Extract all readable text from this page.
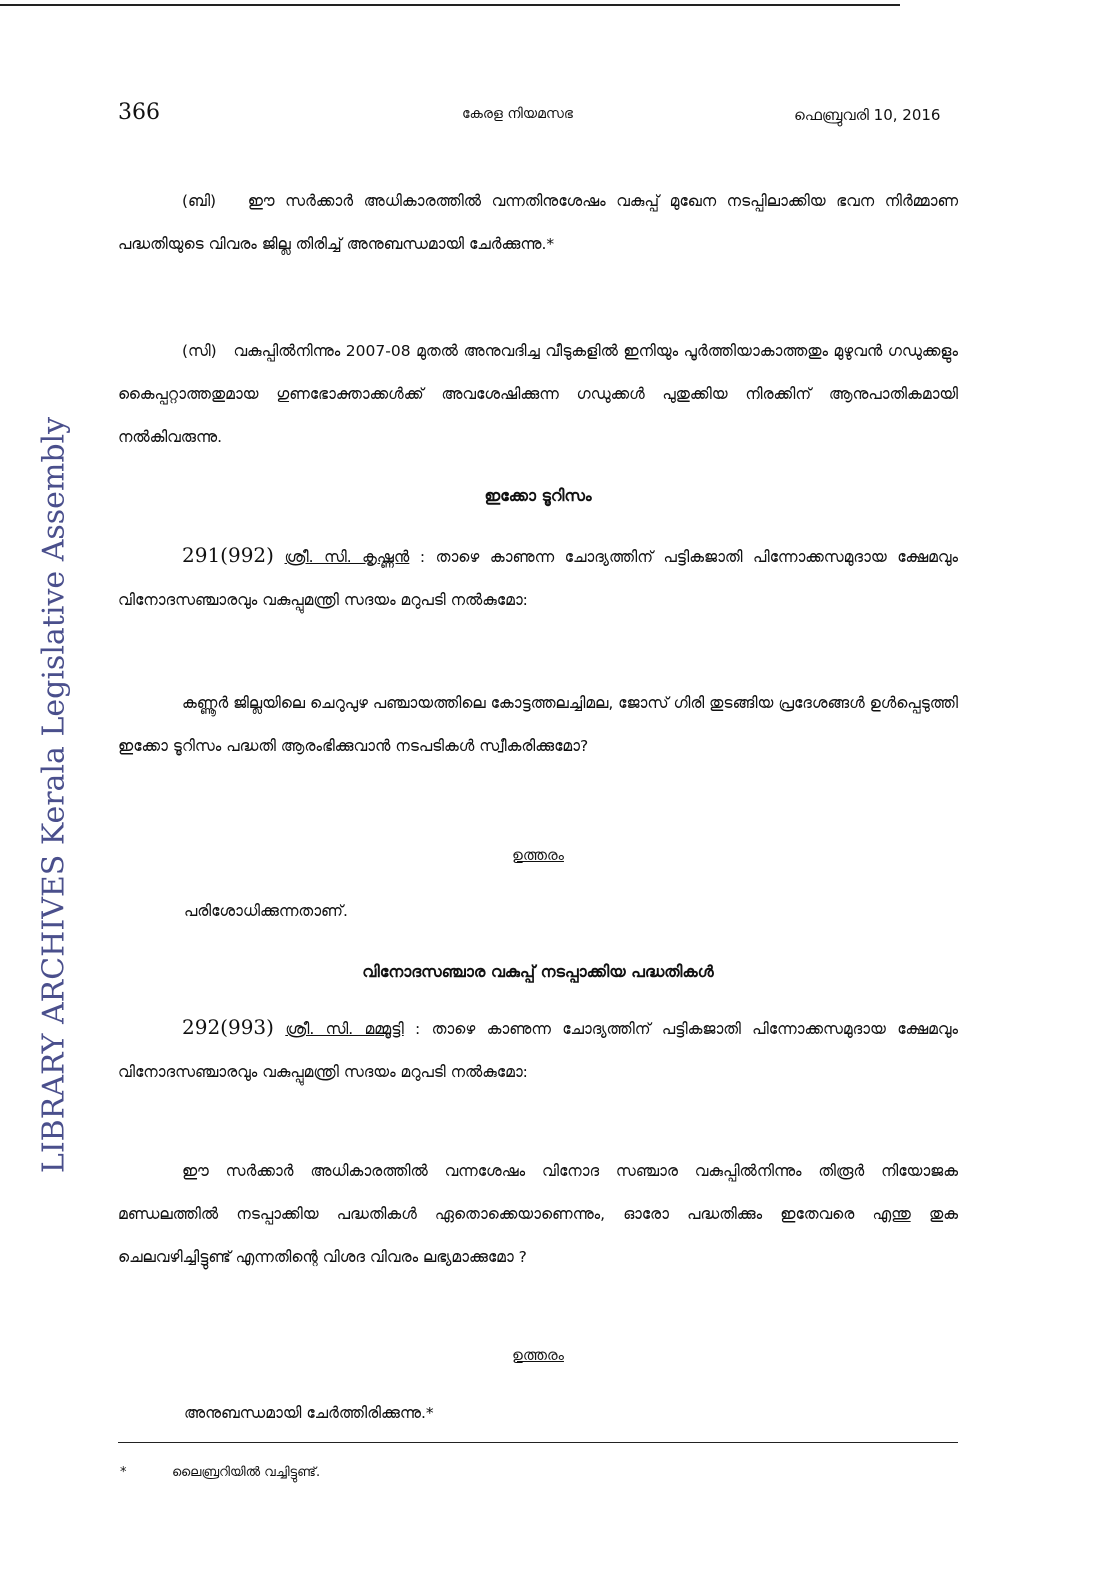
LIBRARY ARCHIVES Kerala Legislative Assembly
366	കേരള നിയമസഭ	ഫെബ്രുവരി 10, 2016

(ബി) ഈ സർക്കാർ അധികാരത്തിൽ വന്നതിനുശേഷം വകുപ്പ് മുഖേന നടപ്പിലാക്കിയ ഭവന നിർമ്മാണ പദ്ധതിയുടെ വിവരം ജില്ല തിരിച്ച് അനുബന്ധമായി ചേർക്കുന്നു.*

(സി) വകുപ്പിൽനിന്നും 2007-08 മുതൽ അനുവദിച്ച വീടുകളിൽ ഇനിയും പൂർത്തിയാകാത്തതും മുഴുവൻ ഗഡുക്കളും കൈപ്പറ്റാത്തതുമായ ഗുണഭോക്താക്കൾക്ക് അവശേഷിക്കുന്ന ഗഡുക്കൾ പുതുക്കിയ നിരക്കിന് ആനുപാതികമായി നൽകിവരുന്നു.

ഇക്കോ ടൂറിസം

291(992) ശ്രീ. സി. കൃഷ്ണൻ : താഴെ കാണുന്ന ചോദ്യത്തിന് പട്ടികജാതി പിന്നോക്കസമുദായ ക്ഷേമവും വിനോദസഞ്ചാരവും വകുപ്പുമന്ത്രി സദയം മറുപടി നൽകുമോ:

കണ്ണൂർ ജില്ലയിലെ ചെറുപുഴ പഞ്ചായത്തിലെ കോട്ടത്തലച്ചിമല, ജോസ് ഗിരി തുടങ്ങിയ പ്രദേശങ്ങൾ ഉൾപ്പെടുത്തി ഇക്കോ ടൂറിസം പദ്ധതി ആരംഭിക്കുവാൻ നടപടികൾ സ്വീകരിക്കുമോ?

ഉത്തരം

പരിശോധിക്കുന്നതാണ്.

വിനോദസഞ്ചാര വകുപ്പ് നടപ്പാക്കിയ പദ്ധതികൾ

292(993) ശ്രീ. സി. മമ്മൂട്ടി : താഴെ കാണുന്ന ചോദ്യത്തിന് പട്ടികജാതി പിന്നോക്കസമുദായ ക്ഷേമവും വിനോദസഞ്ചാരവും വകുപ്പുമന്ത്രി സദയം മറുപടി നൽകുമോ:

ഈ സർക്കാർ അധികാരത്തിൽ വന്നശേഷം വിനോദ സഞ്ചാര വകുപ്പിൽനിന്നും തിരൂർ നിയോജക മണ്ഡലത്തിൽ നടപ്പാക്കിയ പദ്ധതികൾ ഏതൊക്കെയാണെന്നും, ഓരോ പദ്ധതിക്കും ഇതേവരെ എന്തു തുക ചെലവഴിച്ചിട്ടുണ്ട് എന്നതിന്റെ വിശദ വിവരം ലഭ്യമാക്കുമോ ?

ഉത്തരം

അനുബന്ധമായി ചേർത്തിരിക്കുന്നു.*

*	ലൈബ്രറിയിൽ വച്ചിട്ടുണ്ട്.
